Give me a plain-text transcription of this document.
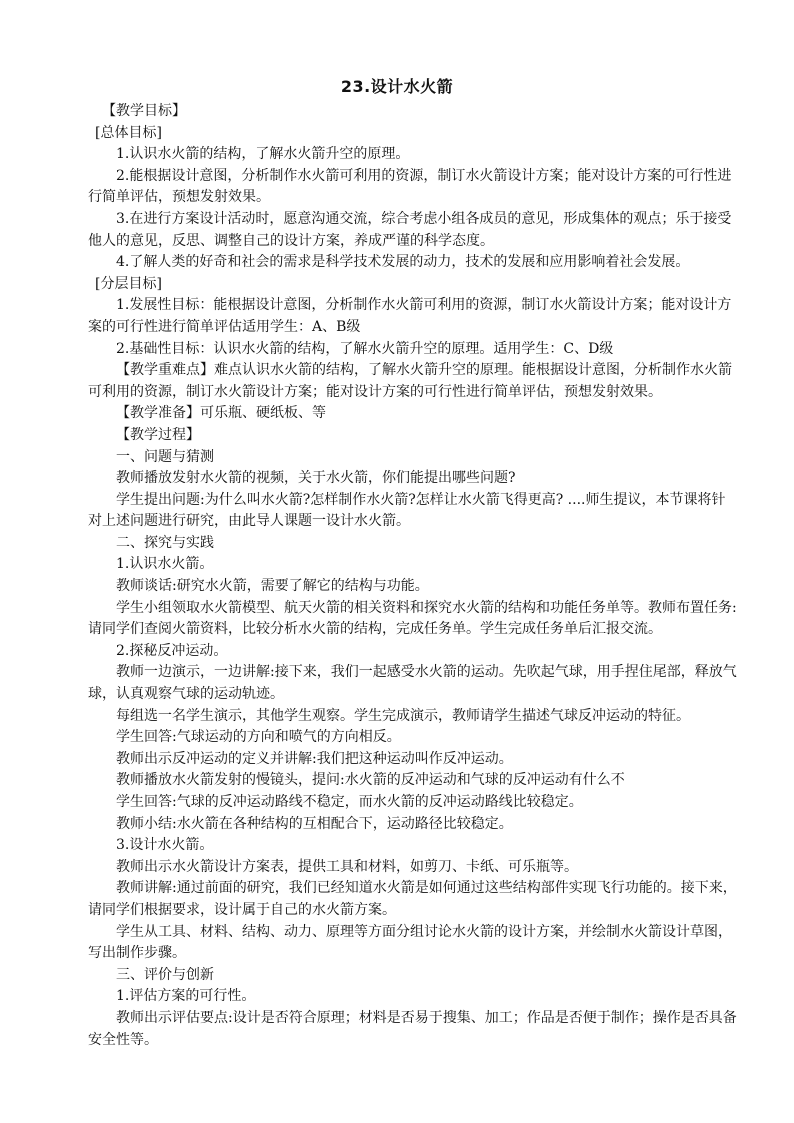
23.设计水火箭

【教学目标】

[总体目标]

1.认识水火箭的结构，了解水火箭升空的原理。

2.能根据设计意图，分析制作水火箭可利用的资源，制订水火箭设计方案；能对设计方案的可行性进行简单评估，预想发射效果。

3.在进行方案设计活动时，愿意沟通交流，综合考虑小组各成员的意见，形成集体的观点；乐于接受他人的意见，反思、调整自己的设计方案，养成严谨的科学态度。

4.了解人类的好奇和社会的需求是科学技术发展的动力，技术的发展和应用影响着社会发展。

[分层目标]

1.发展性目标：能根据设计意图，分析制作水火箭可利用的资源，制订水火箭设计方案；能对设计方案的可行性进行简单评估适用学生：A、B级

2.基础性目标：认识水火箭的结构，了解水火箭升空的原理。适用学生：C、D级

【教学重难点】难点认识水火箭的结构，了解水火箭升空的原理。能根据设计意图，分析制作水火箭可利用的资源，制订水火箭设计方案；能对设计方案的可行性进行简单评估，预想发射效果。

【教学准备】可乐瓶、硬纸板、等

【教学过程】

一、问题与猜测

教师播放发射水火箭的视频，关于水火箭，你们能提出哪些问题?

学生提出问题:为什么叫水火箭?怎样制作水火箭?怎样让水火箭飞得更高? ....师生提议，本节课将针对上述问题进行研究，由此导人课题一设计水火箭。

二、探究与实践

1.认识水火箭。

教师谈话:研究水火箭，需要了解它的结构与功能。

学生小组领取水火箭模型、航天火箭的相关资料和探究水火箭的结构和功能任务单等。教师布置任务:请同学们查阅火箭资料，比较分析水火箭的结构，完成任务单。学生完成任务单后汇报交流。

2.探秘反冲运动。

教师一边演示，一边讲解:接下来，我们一起感受水火箭的运动。先吹起气球，用手捏住尾部，释放气球，认真观察气球的运动轨迹。

每组选一名学生演示，其他学生观察。学生完成演示，教师请学生描述气球反冲运动的特征。

学生回答:气球运动的方向和喷气的方向相反。

教师出示反冲运动的定义并讲解:我们把这种运动叫作反冲运动。

教师播放水火箭发射的慢镜头，提问:水火箭的反冲运动和气球的反冲运动有什么不

学生回答:气球的反冲运动路线不稳定，而水火箭的反冲运动路线比较稳定。

教师小结:水火箭在各种结构的互相配合下，运动路径比较稳定。

3.设计水火箭。

教师出示水火箭设计方案表，提供工具和材料，如剪刀、卡纸、可乐瓶等。

教师讲解:通过前面的研究，我们已经知道水火箭是如何通过这些结构部件实现飞行功能的。接下来，请同学们根据要求，设计属于自己的水火箭方案。

学生从工具、材料、结构、动力、原理等方面分组讨论水火箭的设计方案，并绘制水火箭设计草图，写出制作步骤。

三、评价与创新

1.评估方案的可行性。

教师出示评估要点:设计是否符合原理；材料是否易于搜集、加工；作品是否便于制作；操作是否具备安全性等。
